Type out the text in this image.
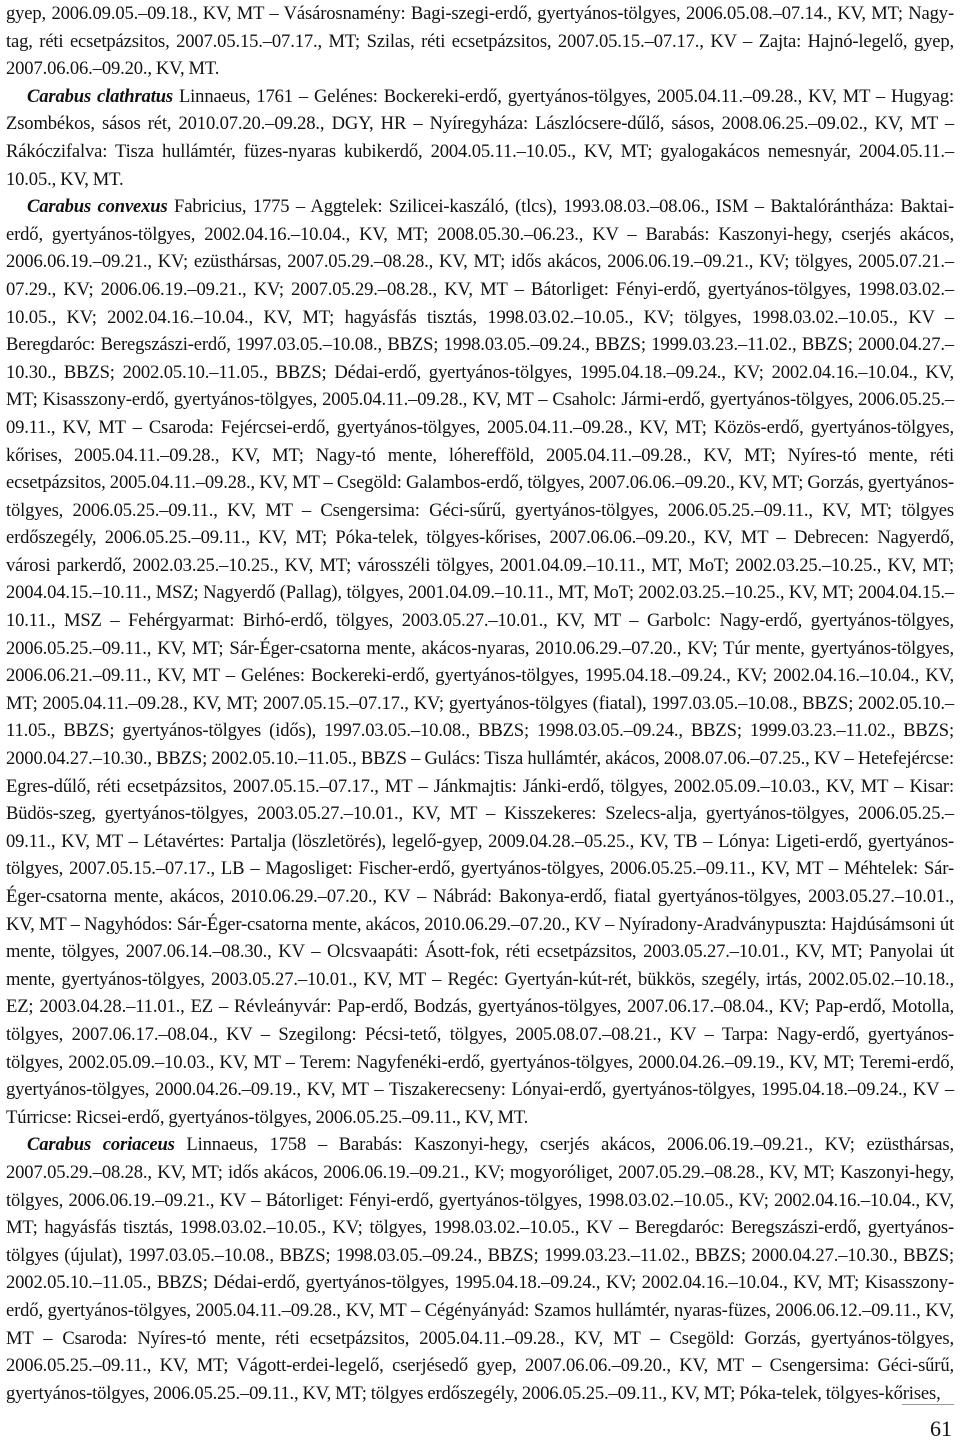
gyep, 2006.09.05.–09.18., KV, MT – Vásárosnamény: Bagi-szegi-erdő, gyertyános-tölgyes, 2006.05.08.–07.14., KV, MT; Nagy-tag, réti ecsetpázsitos, 2007.05.15.–07.17., MT; Szilas, réti ecsetpázsitos, 2007.05.15.–07.17., KV – Zajta: Hajnó-legelő, gyep, 2007.06.06.–09.20., KV, MT.

Carabus clathratus Linnaeus, 1761 – Gelénes: Bockereki-erdő, gyertyános-tölgyes, 2005.04.11.–09.28., KV, MT – Hugyag: Zsombékos, sásos rét, 2010.07.20.–09.28., DGY, HR – Nyíregyháza: Lászlócsere-dűlő, sásos, 2008.06.25.–09.02., KV, MT – Rákóczifalva: Tisza hullámtér, füzes-nyaras kubikerdő, 2004.05.11.–10.05., KV, MT; gyalogakácos nemesnyár, 2004.05.11.–10.05., KV, MT.

Carabus convexus Fabricius, 1775 – Aggtelek: Szilicei-kaszáló, (tlcs), 1993.08.03.–08.06., ISM – Baktalórántháza: Baktai-erdő, gyertyános-tölgyes, 2002.04.16.–10.04., KV, MT; 2008.05.30.–06.23., KV – Barabás: Kaszonyi-hegy, cserjés akácos, 2006.06.19.–09.21., KV; ezüsthársas, 2007.05.29.–08.28., KV, MT; idős akácos, 2006.06.19.–09.21., KV; tölgyes, 2005.07.21.–07.29., KV; 2006.06.19.–09.21., KV; 2007.05.29.–08.28., KV, MT – Bátorliget: Fényi-erdő, gyertyános-tölgyes, 1998.03.02.–10.05., KV; 2002.04.16.–10.04., KV, MT; hagyásfás tisztás, 1998.03.02.–10.05., KV; tölgyes, 1998.03.02.–10.05., KV – Beregdaróc: Beregszászi-erdő, 1997.03.05.–10.08., BBZS; 1998.03.05.–09.24., BBZS; 1999.03.23.–11.02., BBZS; 2000.04.27.–10.30., BBZS; 2002.05.10.–11.05., BBZS; Dédai-erdő, gyertyános-tölgyes, 1995.04.18.–09.24., KV; 2002.04.16.–10.04., KV, MT; Kisasszony-erdő, gyertyános-tölgyes, 2005.04.11.–09.28., KV, MT – Csaholc: Jármi-erdő, gyertyános-tölgyes, 2006.05.25.–09.11., KV, MT – Csaroda: Fejércsei-erdő, gyertyános-tölgyes, 2005.04.11.–09.28., KV, MT; Közös-erdő, gyertyános-tölgyes, kőrises, 2005.04.11.–09.28., KV, MT; Nagy-tó mente, lóherefföld, 2005.04.11.–09.28., KV, MT; Nyíres-tó mente, réti ecsetpázsitos, 2005.04.11.–09.28., KV, MT – Csegöld: Galambos-erdő, tölgyes, 2007.06.06.–09.20., KV, MT; Gorzás, gyertyános-tölgyes, 2006.05.25.–09.11., KV, MT – Csengersima: Géci-sűrű, gyertyános-tölgyes, 2006.05.25.–09.11., KV, MT; tölgyes erdőszegély, 2006.05.25.–09.11., KV, MT; Póka-telek, tölgyes-kőrises, 2007.06.06.–09.20., KV, MT – Debrecen: Nagyerdő, városi parkerdő, 2002.03.25.–10.25., KV, MT; városszéli tölgyes, 2001.04.09.–10.11., MT, MoT; 2002.03.25.–10.25., KV, MT; 2004.04.15.–10.11., MSZ; Nagyerdő (Pallag), tölgyes, 2001.04.09.–10.11., MT, MoT; 2002.03.25.–10.25., KV, MT; 2004.04.15.–10.11., MSZ – Fehérgyarmat: Birhó-erdő, tölgyes, 2003.05.27.–10.01., KV, MT – Garbolc: Nagy-erdő, gyertyános-tölgyes, 2006.05.25.–09.11., KV, MT; Sár-Éger-csatorna mente, akácos-nyaras, 2010.06.29.–07.20., KV; Túr mente, gyertyános-tölgyes, 2006.06.21.–09.11., KV, MT – Gelénes: Bockereki-erdő, gyertyános-tölgyes, 1995.04.18.–09.24., KV; 2002.04.16.–10.04., KV, MT; 2005.04.11.–09.28., KV, MT; 2007.05.15.–07.17., KV; gyertyános-tölgyes (fiatal), 1997.03.05.–10.08., BBZS; 2002.05.10.–11.05., BBZS; gyertyános-tölgyes (idős), 1997.03.05.–10.08., BBZS; 1998.03.05.–09.24., BBZS; 1999.03.23.–11.02., BBZS; 2000.04.27.–10.30., BBZS; 2002.05.10.–11.05., BBZS – Gulács: Tisza hullámtér, akácos, 2008.07.06.–07.25., KV – Hetefejércse: Egres-dűlő, réti ecsetpázsitos, 2007.05.15.–07.17., MT – Jánkmajtis: Jánki-erdő, tölgyes, 2002.05.09.–10.03., KV, MT – Kisar: Büdös-szeg, gyertyános-tölgyes, 2003.05.27.–10.01., KV, MT – Kisszekeres: Szelecs-alja, gyertyános-tölgyes, 2006.05.25.–09.11., KV, MT – Létavértes: Partalja (löszletörés), legelő-gyep, 2009.04.28.–05.25., KV, TB – Lónya: Ligeti-erdő, gyertyános-tölgyes, 2007.05.15.–07.17., LB – Magosliget: Fischer-erdő, gyertyános-tölgyes, 2006.05.25.–09.11., KV, MT – Méhtelek: Sár-Éger-csatorna mente, akácos, 2010.06.29.–07.20., KV – Nábrád: Bakonya-erdő, fiatal gyertyános-tölgyes, 2003.05.27.–10.01., KV, MT – Nagyhódos: Sár-Éger-csatorna mente, akácos, 2010.06.29.–07.20., KV – Nyíradony-Aradványpuszta: Hajdúsámsoni út mente, tölgyes, 2007.06.14.–08.30., KV – Olcsvaapáti: Ásott-fok, réti ecsetpázsitos, 2003.05.27.–10.01., KV, MT; Panyolai út mente, gyertyános-tölgyes, 2003.05.27.–10.01., KV, MT – Regéc: Gyertyán-kút-rét, bükkös, szegély, irtás, 2002.05.02.–10.18., EZ; 2003.04.28.–11.01., EZ – Révleányvár: Pap-erdő, Bodzás, gyertyános-tölgyes, 2007.06.17.–08.04., KV; Pap-erdő, Motolla, tölgyes, 2007.06.17.–08.04., KV – Szegilong: Pécsi-tető, tölgyes, 2005.08.07.–08.21., KV – Tarpa: Nagy-erdő, gyertyános-tölgyes, 2002.05.09.–10.03., KV, MT – Terem: Nagyfenéki-erdő, gyertyános-tölgyes, 2000.04.26.–09.19., KV, MT; Teremi-erdő, gyertyános-tölgyes, 2000.04.26.–09.19., KV, MT – Tiszakerecseny: Lónyai-erdő, gyertyános-tölgyes, 1995.04.18.–09.24., KV – Túrricse: Ricsei-erdő, gyertyános-tölgyes, 2006.05.25.–09.11., KV, MT.

Carabus coriaceus Linnaeus, 1758 – Barabás: Kaszonyi-hegy, cserjés akácos, 2006.06.19.–09.21., KV; ezüsthársas, 2007.05.29.–08.28., KV, MT; idős akácos, 2006.06.19.–09.21., KV; mogyoróliget, 2007.05.29.–08.28., KV, MT; Kaszonyi-hegy, tölgyes, 2006.06.19.–09.21., KV – Bátorliget: Fényi-erdő, gyertyános-tölgyes, 1998.03.02.–10.05., KV; 2002.04.16.–10.04., KV, MT; hagyásfás tisztás, 1998.03.02.–10.05., KV; tölgyes, 1998.03.02.–10.05., KV – Beregdaróc: Beregszászi-erdő, gyertyános-tölgyes (újulat), 1997.03.05.–10.08., BBZS; 1998.03.05.–09.24., BBZS; 1999.03.23.–11.02., BBZS; 2000.04.27.–10.30., BBZS; 2002.05.10.–11.05., BBZS; Dédai-erdő, gyertyános-tölgyes, 1995.04.18.–09.24., KV; 2002.04.16.–10.04., KV, MT; Kisasszony-erdő, gyertyános-tölgyes, 2005.04.11.–09.28., KV, MT – Cégényányád: Szamos hullámtér, nyaras-füzes, 2006.06.12.–09.11., KV, MT – Csaroda: Nyíres-tó mente, réti ecsetpázsitos, 2005.04.11.–09.28., KV, MT – Csegöld: Gorzás, gyertyános-tölgyes, 2006.05.25.–09.11., KV, MT; Vágott-erdei-legelő, cserjésedő gyep, 2007.06.06.–09.20., KV, MT – Csengersima: Géci-sűrű, gyertyános-tölgyes, 2006.05.25.–09.11., KV, MT; tölgyes erdőszegély, 2006.05.25.–09.11., KV, MT; Póka-telek, tölgyes-kőrises,

61
